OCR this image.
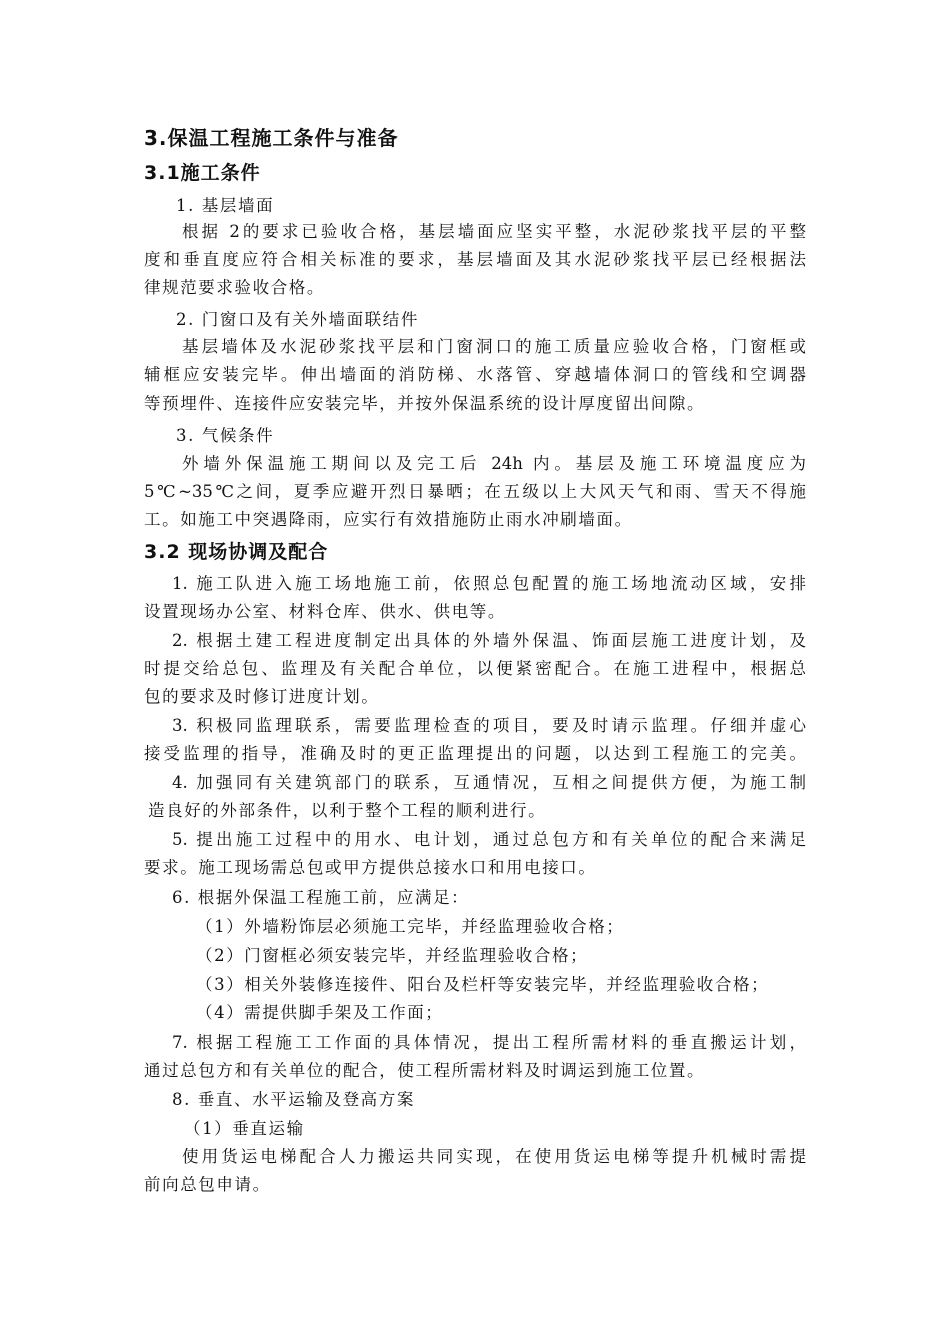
3.保温工程施工条件与准备
3.1施工条件
1. 基层墙面
根据 2的要求已验收合格，基层墙面应坚实平整，水泥砂浆找平层的平整
度和垂直度应符合相关标准的要求，基层墙面及其水泥砂浆找平层已经根据法
律规范要求验收合格。
2. 门窗口及有关外墙面联结件
基层墙体及水泥砂浆找平层和门窗洞口的施工质量应验收合格，门窗框或
辅框应安装完毕。伸出墙面的消防梯、水落管、穿越墙体洞口的管线和空调器
等预埋件、连接件应安装完毕，并按外保温系统的设计厚度留出间隙。
3. 气候条件
外墙外保温施工期间以及完工后 24h 内。基层及施工环境温度应为
5℃~35℃之间，夏季应避开烈日暴晒；在五级以上大风天气和雨、雪天不得施
工。如施工中突遇降雨，应实行有效措施防止雨水冲刷墙面。
3.2 现场协调及配合
1. 施工队进入施工场地施工前，依照总包配置的施工场地流动区域，安排
设置现场办公室、材料仓库、供水、供电等。
2. 根据土建工程进度制定出具体的外墙外保温、饰面层施工进度计划，及
时提交给总包、监理及有关配合单位，以便紧密配合。在施工进程中，根据总
包的要求及时修订进度计划。
3. 积极同监理联系，需要监理检查的项目，要及时请示监理。仔细并虚心
接受监理的指导，准确及时的更正监理提出的问题，以达到工程施工的完美。
4. 加强同有关建筑部门的联系，互通情况，互相之间提供方便，为施工制
造良好的外部条件，以利于整个工程的顺利进行。
5. 提出施工过程中的用水、电计划，通过总包方和有关单位的配合来满足
要求。施工现场需总包或甲方提供总接水口和用电接口。
6. 根据外保温工程施工前，应满足：
（1）外墙粉饰层必须施工完毕，并经监理验收合格；
（2）门窗框必须安装完毕，并经监理验收合格；
（3）相关外装修连接件、阳台及栏杆等安装完毕，并经监理验收合格；
（4）需提供脚手架及工作面；
7. 根据工程施工工作面的具体情况，提出工程所需材料的垂直搬运计划，
通过总包方和有关单位的配合，使工程所需材料及时调运到施工位置。
8. 垂直、水平运输及登高方案
（1）垂直运输
使用货运电梯配合人力搬运共同实现，在使用货运电梯等提升机械时需提
前向总包申请。
